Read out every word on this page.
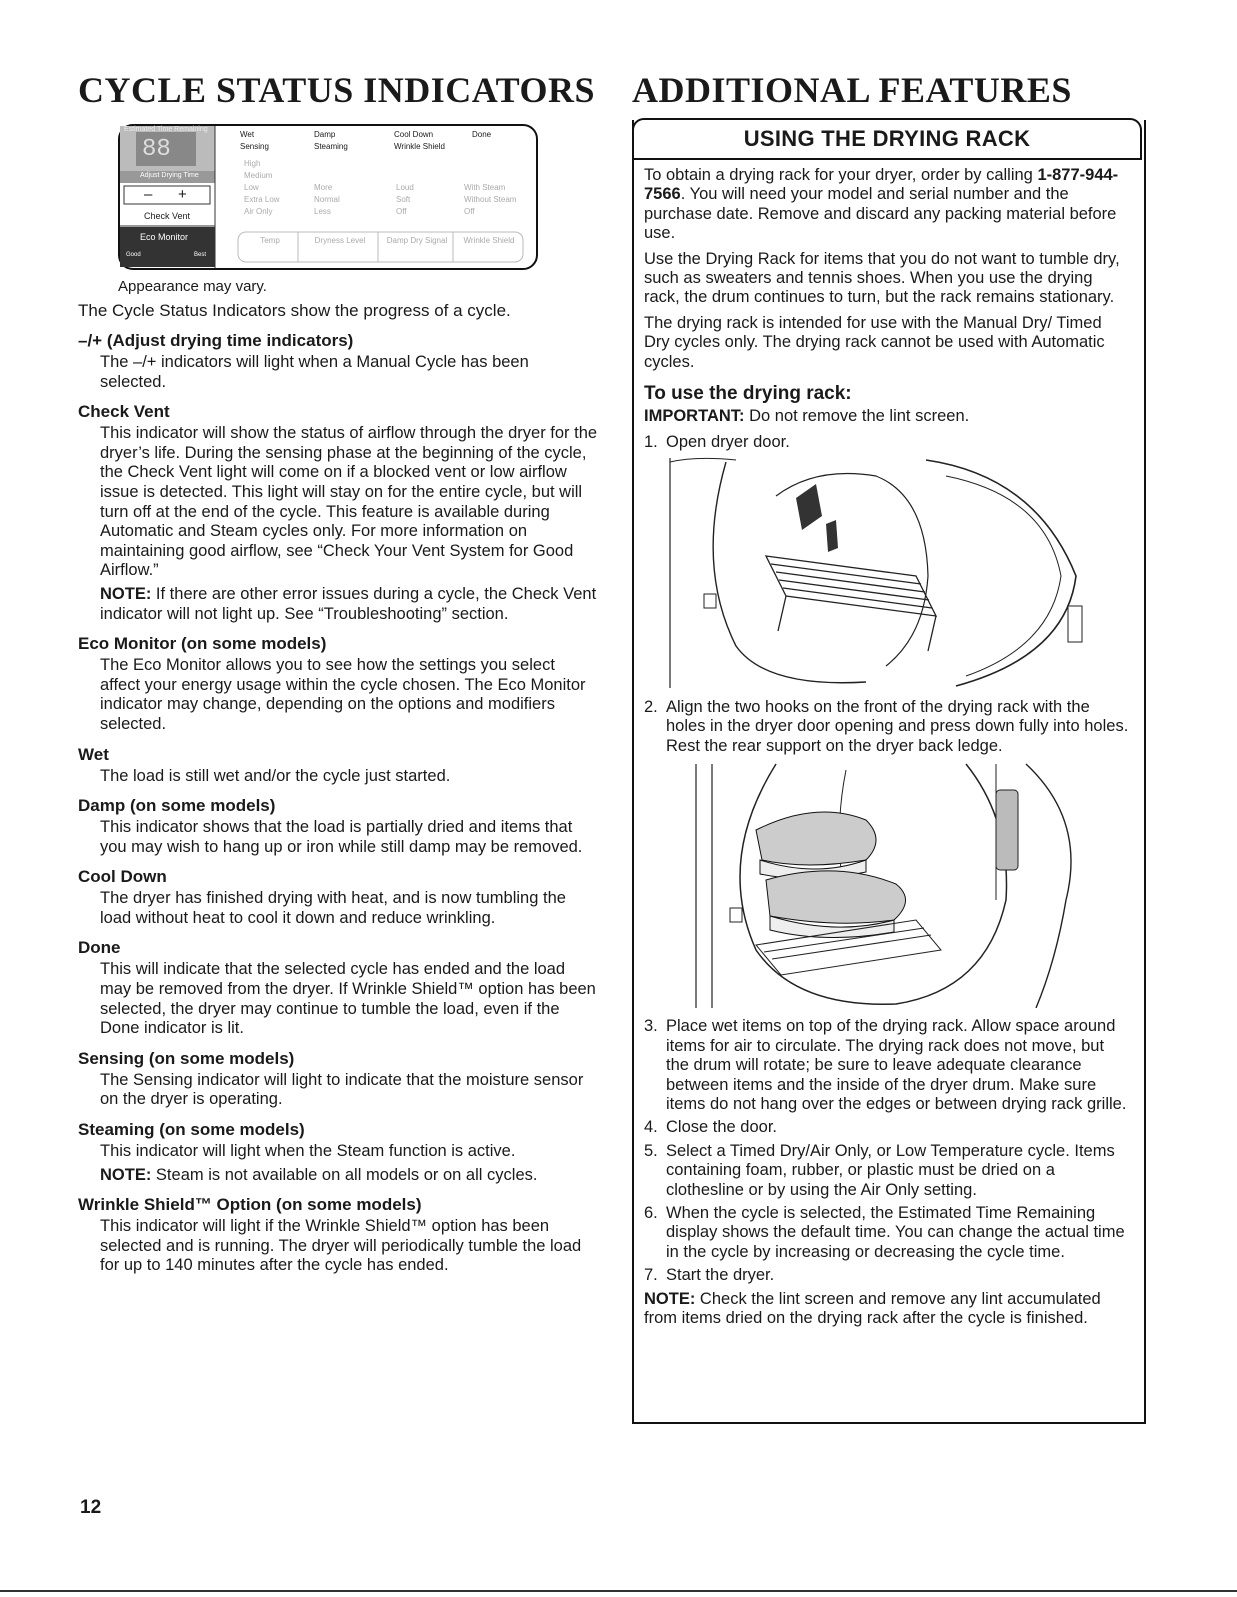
CYCLE STATUS INDICATORS
Estimated Time Remaining
88
Adjust Drying Time
– +
Check Vent
Eco Monitor
Good	Best
Wet	Damp	Cool Down	Done
Sensing	Steaming	Wrinkle Shield
High
Medium
Low
Extra Low
Air Only
More
Normal
Less
Loud
Soft
Off
With Steam
Without Steam
Off
Temp	Dryness Level	Damp Dry Signal	Wrinkle Shield
Appearance may vary.
The Cycle Status Indicators show the progress of a cycle.
–/+ (Adjust drying time indicators)

The –/+ indicators will light when a Manual Cycle has been selected.

Check Vent

This indicator will show the status of airflow through the dryer for the dryer’s life. During the sensing phase at the beginning of the cycle, the Check Vent light will come on if a blocked vent or low airflow issue is detected. This light will stay on for the entire cycle, but will turn off at the end of the cycle. This feature is available during Automatic and Steam cycles only. For more information on maintaining good airflow, see “Check Your Vent System for Good Airflow.”

NOTE: If there are other error issues during a cycle, the Check Vent indicator will not light up. See “Troubleshooting” section.

Eco Monitor (on some models)

The Eco Monitor allows you to see how the settings you select affect your energy usage within the cycle chosen. The Eco Monitor indicator may change, depending on the options and modifiers selected.

Wet

The load is still wet and/or the cycle just started.

Damp (on some models)

This indicator shows that the load is partially dried and items that you may wish to hang up or iron while still damp may be removed.

Cool Down

The dryer has finished drying with heat, and is now tumbling the load without heat to cool it down and reduce wrinkling.

Done

This will indicate that the selected cycle has ended and the load may be removed from the dryer. If Wrinkle Shield™ option has been selected, the dryer may continue to tumble the load, even if the Done indicator is lit.

Sensing (on some models)

The Sensing indicator will light to indicate that the moisture sensor on the dryer is operating.

Steaming (on some models)

This indicator will light when the Steam function is active.

NOTE: Steam is not available on all models or on all cycles.

Wrinkle Shield™ Option (on some models)

This indicator will light if the Wrinkle Shield™ option has been selected and is running. The dryer will periodically tumble the load for up to 140 minutes after the cycle has ended.

ADDITIONAL FEATURES
USING THE DRYING RACK

To obtain a drying rack for your dryer, order by calling 1-877-944-7566. You will need your model and serial number and the purchase date. Remove and discard any packing material before use.

Use the Drying Rack for items that you do not want to tumble dry, such as sweaters and tennis shoes. When you use the drying rack, the drum continues to turn, but the rack remains stationary.

The drying rack is intended for use with the Manual Dry/ Timed Dry cycles only. The drying rack cannot be used with Automatic cycles.

To use the drying rack:

IMPORTANT: Do not remove the lint screen.

1. Open dryer door.
2. Align the two hooks on the front of the drying rack with the holes in the dryer door opening and press down fully into holes. Rest the rear support on the dryer back ledge.
3. Place wet items on top of the drying rack. Allow space around items for air to circulate. The drying rack does not move, but the drum will rotate; be sure to leave adequate clearance between items and the inside of the dryer drum. Make sure items do not hang over the edges or between drying rack grille.
4. Close the door.
5. Select a Timed Dry/Air Only, or Low Temperature cycle. Items containing foam, rubber, or plastic must be dried on a clothesline or by using the Air Only setting.
6. When the cycle is selected, the Estimated Time Remaining display shows the default time. You can change the actual time in the cycle by increasing or decreasing the cycle time.
7. Start the dryer.

NOTE: Check the lint screen and remove any lint accumulated from items dried on the drying rack after the cycle is finished.

12
